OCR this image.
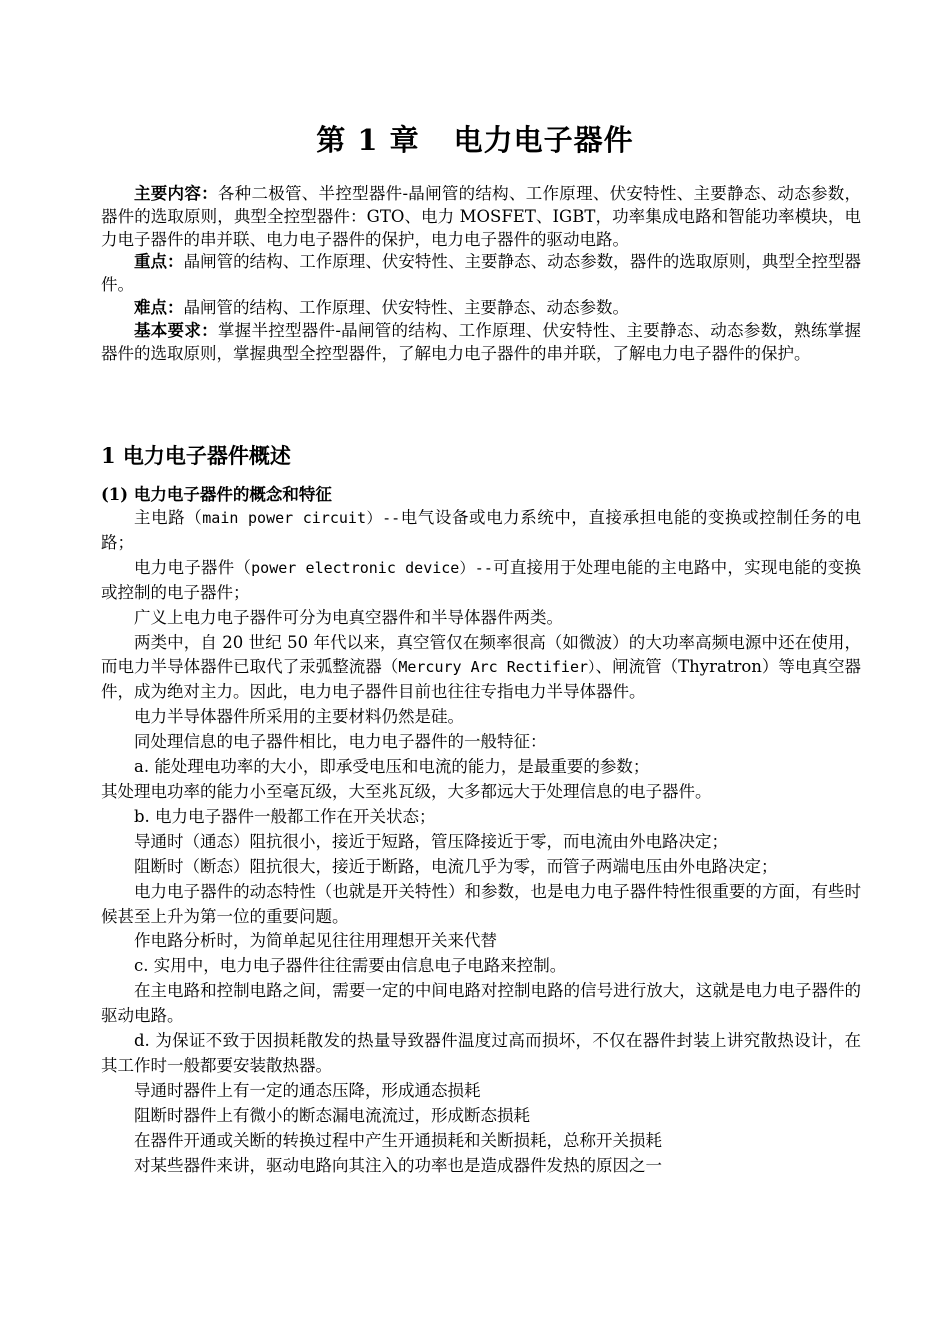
第 1 章 电力电子器件

主要内容：各种二极管、半控型器件-晶闸管的结构、工作原理、伏安特性、主要静态、动态参数，器件的选取原则，典型全控型器件：GTO、电力 MOSFET、IGBT，功率集成电路和智能功率模块，电力电子器件的串并联、电力电子器件的保护，电力电子器件的驱动电路。

重点：晶闸管的结构、工作原理、伏安特性、主要静态、动态参数，器件的选取原则，典型全控型器件。

难点：晶闸管的结构、工作原理、伏安特性、主要静态、动态参数。

基本要求：掌握半控型器件-晶闸管的结构、工作原理、伏安特性、主要静态、动态参数，熟练掌握器件的选取原则，掌握典型全控型器件，了解电力电子器件的串并联，了解电力电子器件的保护。

1 电力电子器件概述
(1) 电力电子器件的概念和特征

主电路（main power circuit）--电气设备或电力系统中，直接承担电能的变换或控制任务的电路；

电力电子器件（power electronic device）--可直接用于处理电能的主电路中，实现电能的变换或控制的电子器件；

广义上电力电子器件可分为电真空器件和半导体器件两类。

两类中，自 20 世纪 50 年代以来，真空管仅在频率很高（如微波）的大功率高频电源中还在使用，而电力半导体器件已取代了汞弧整流器（Mercury Arc Rectifier）、闸流管（Thyratron）等电真空器件，成为绝对主力。因此，电力电子器件目前也往往专指电力半导体器件。

电力半导体器件所采用的主要材料仍然是硅。

同处理信息的电子器件相比，电力电子器件的一般特征：

a. 能处理电功率的大小，即承受电压和电流的能力，是最重要的参数；

其处理电功率的能力小至毫瓦级，大至兆瓦级，大多都远大于处理信息的电子器件。

b. 电力电子器件一般都工作在开关状态；

导通时（通态）阻抗很小，接近于短路，管压降接近于零，而电流由外电路决定；

阻断时（断态）阻抗很大，接近于断路，电流几乎为零，而管子两端电压由外电路决定；

电力电子器件的动态特性（也就是开关特性）和参数，也是电力电子器件特性很重要的方面，有些时候甚至上升为第一位的重要问题。

作电路分析时，为简单起见往往用理想开关来代替

c. 实用中，电力电子器件往往需要由信息电子电路来控制。

在主电路和控制电路之间，需要一定的中间电路对控制电路的信号进行放大，这就是电力电子器件的驱动电路。

d. 为保证不致于因损耗散发的热量导致器件温度过高而损坏，不仅在器件封装上讲究散热设计，在其工作时一般都要安装散热器。

导通时器件上有一定的通态压降，形成通态损耗

阻断时器件上有微小的断态漏电流流过，形成断态损耗

在器件开通或关断的转换过程中产生开通损耗和关断损耗，总称开关损耗

对某些器件来讲，驱动电路向其注入的功率也是造成器件发热的原因之一
